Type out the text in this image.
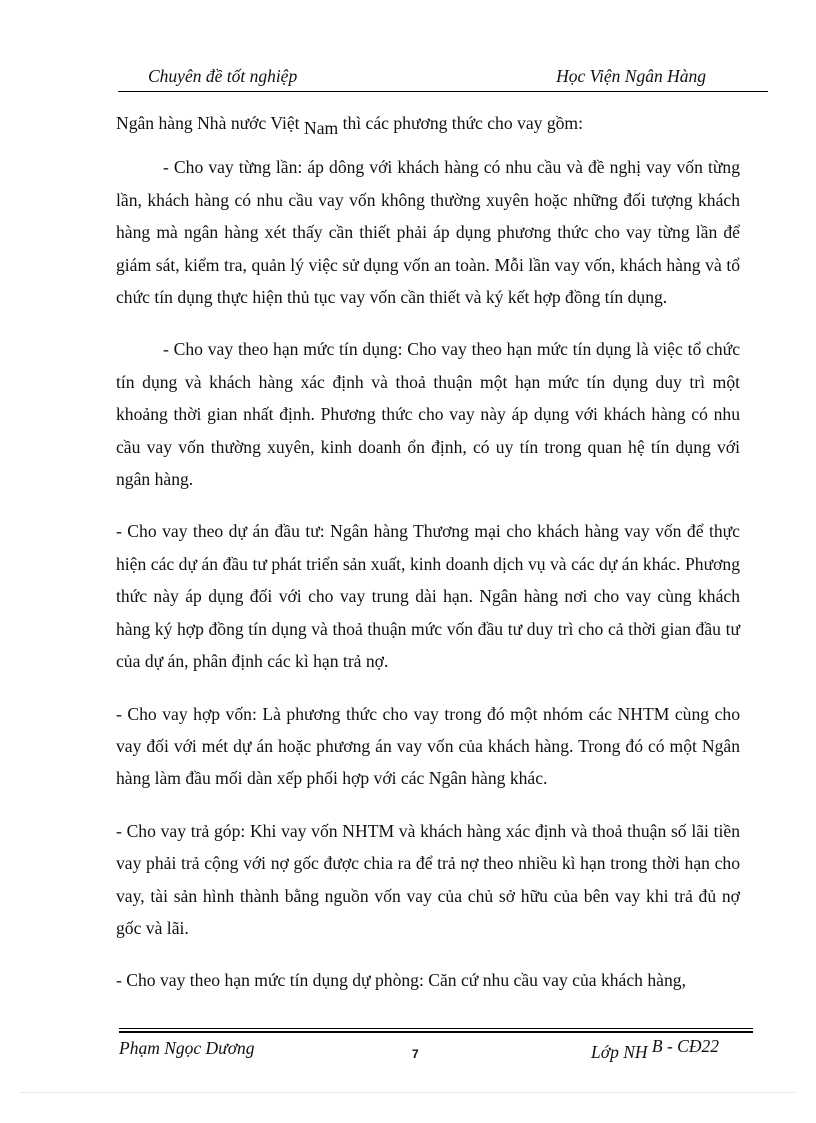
Chuyên đề tốt nghiệp	Học Viện Ngân Hàng

Ngân hàng Nhà nước Việt Nam thì các phương thức cho vay gồm:

- Cho vay từng lần: áp dông với khách hàng có nhu cầu và đề nghị vay vốn từng lần, khách hàng có nhu cầu vay vốn không thường xuyên hoặc những đối tượng khách hàng mà ngân hàng xét thấy cần thiết phải áp dụng phương thức cho vay từng lần để giám sát, kiểm tra, quản lý việc sử dụng vốn an toàn. Mỗi lần vay vốn, khách hàng và tổ chức tín dụng thực hiện thủ tục vay vốn cần thiết và ký kết hợp đồng tín dụng.

- Cho vay theo hạn mức tín dụng: Cho vay theo hạn mức tín dụng là việc tổ chức tín dụng và khách hàng xác định và thoả thuận một hạn mức tín dụng duy trì một khoảng thời gian nhất định. Phương thức cho vay này áp dụng với khách hàng có nhu cầu vay vốn thường xuyên, kinh doanh ổn định, có uy tín trong quan hệ tín dụng với ngân hàng.

- Cho vay theo dự án đầu tư: Ngân hàng Thương mại cho khách hàng vay vốn để thực hiện các dự án đầu tư phát triển sản xuất, kinh doanh dịch vụ và các dự án khác. Phương thức này áp dụng đối với cho vay trung dài hạn. Ngân hàng nơi cho vay cùng khách hàng ký hợp đồng tín dụng và thoả thuận mức vốn đầu tư duy trì cho cả thời gian đầu tư của dự án, phân định các kì hạn trả nợ.

- Cho vay hợp vốn: Là phương thức cho vay trong đó một nhóm các NHTM cùng cho vay đối với mét dự án hoặc phương án vay vốn của khách hàng. Trong đó có một Ngân hàng làm đầu mối dàn xếp phối hợp với các Ngân hàng khác.

- Cho vay trả góp: Khi vay vốn NHTM và khách hàng xác định và thoả thuận số lãi tiền vay phải trả cộng với nợ gốc được chia ra để trả nợ theo nhiều kì hạn trong thời hạn cho vay, tài sản hình thành bằng nguồn vốn vay của chủ sở hữu của bên vay khi trả đủ nợ gốc và lãi.

- Cho vay theo hạn mức tín dụng dự phòng: Căn cứ nhu cầu vay của khách hàng,

Phạm Ngọc Dương	7	Lớp NH B - CĐ22
